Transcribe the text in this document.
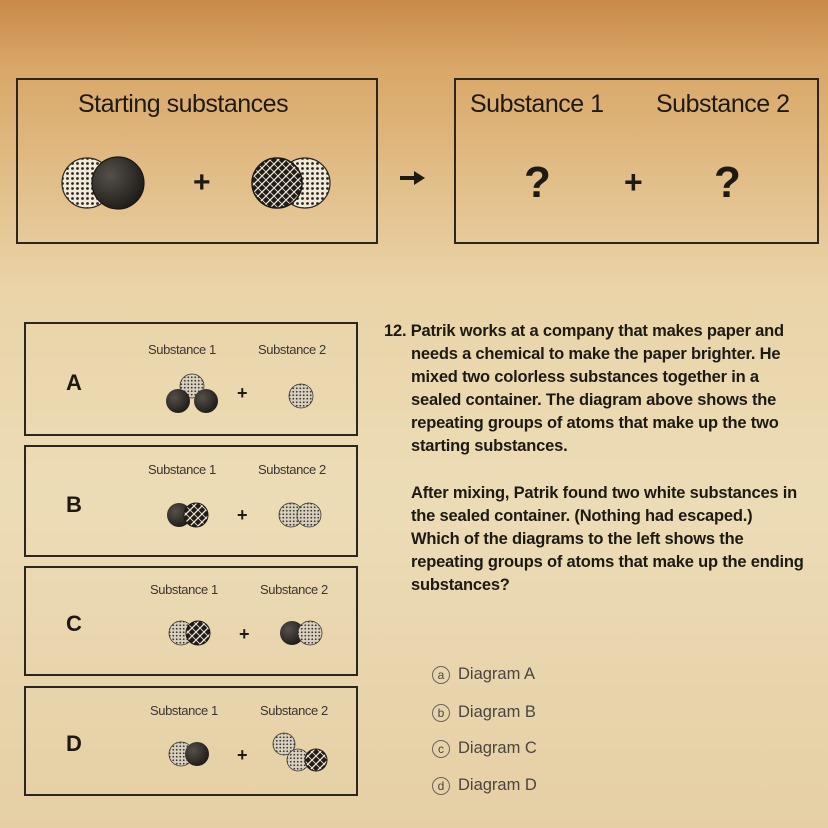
Starting substances
+
Substance 1 Substance 2
? + ?
A
Substance 1	Substance 2
+
B
Substance 1	Substance 2
+
C
Substance 1	Substance 2
+
D
Substance 1	Substance 2
+

12. Patrik works at a company that makes paper and needs a chemical to make the paper brighter. He mixed two colorless substances together in a sealed container. The diagram above shows the repeating groups of atoms that make up the two starting substances.

After mixing, Patrik found two white substances in the sealed container. (Nothing had escaped.) Which of the diagrams to the left shows the repeating groups of atoms that make up the ending substances?

a Diagram A
b Diagram B
c Diagram C
d Diagram D
